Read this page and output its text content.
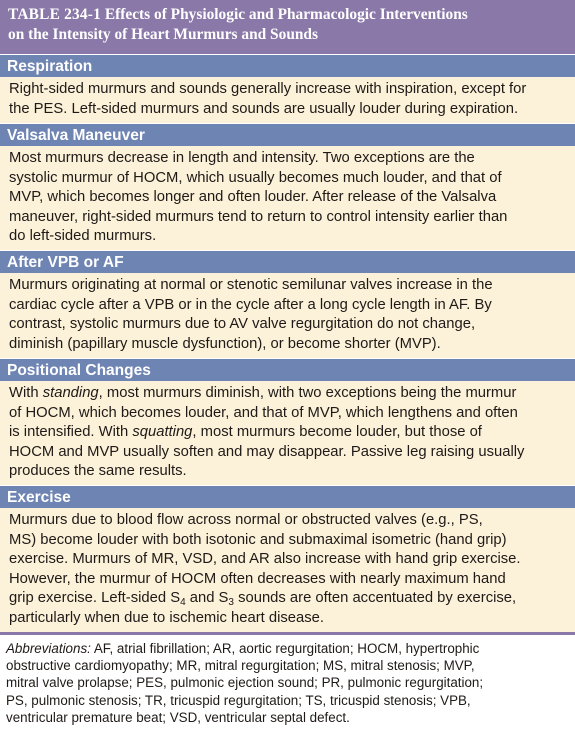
TABLE 234-1 Effects of Physiologic and Pharmacologic Interventions
on the Intensity of Heart Murmurs and Sounds
Respiration
Right-sided murmurs and sounds generally increase with inspiration, except for
the PES. Left-sided murmurs and sounds are usually louder during expiration.
Valsalva Maneuver
Most murmurs decrease in length and intensity. Two exceptions are the
systolic murmur of HOCM, which usually becomes much louder, and that of
MVP, which becomes longer and often louder. After release of the Valsalva
maneuver, right-sided murmurs tend to return to control intensity earlier than
do left-sided murmurs.
After VPB or AF
Murmurs originating at normal or stenotic semilunar valves increase in the
cardiac cycle after a VPB or in the cycle after a long cycle length in AF. By
contrast, systolic murmurs due to AV valve regurgitation do not change,
diminish (papillary muscle dysfunction), or become shorter (MVP).
Positional Changes
With standing, most murmurs diminish, with two exceptions being the murmur
of HOCM, which becomes louder, and that of MVP, which lengthens and often
is intensified. With squatting, most murmurs become louder, but those of
HOCM and MVP usually soften and may disappear. Passive leg raising usually
produces the same results.
Exercise
Murmurs due to blood flow across normal or obstructed valves (e.g., PS,
MS) become louder with both isotonic and submaximal isometric (hand grip)
exercise. Murmurs of MR, VSD, and AR also increase with hand grip exercise.
However, the murmur of HOCM often decreases with nearly maximum hand
grip exercise. Left-sided $S_4$ and $S_3$ sounds are often accentuated by exercise,
particularly when due to ischemic heart disease.
Abbreviations: AF, atrial fibrillation; AR, aortic regurgitation; HOCM, hypertrophic
obstructive cardiomyopathy; MR, mitral regurgitation; MS, mitral stenosis; MVP,
mitral valve prolapse; PES, pulmonic ejection sound; PR, pulmonic regurgitation;
PS, pulmonic stenosis; TR, tricuspid regurgitation; TS, tricuspid stenosis; VPB,
ventricular premature beat; VSD, ventricular septal defect.
